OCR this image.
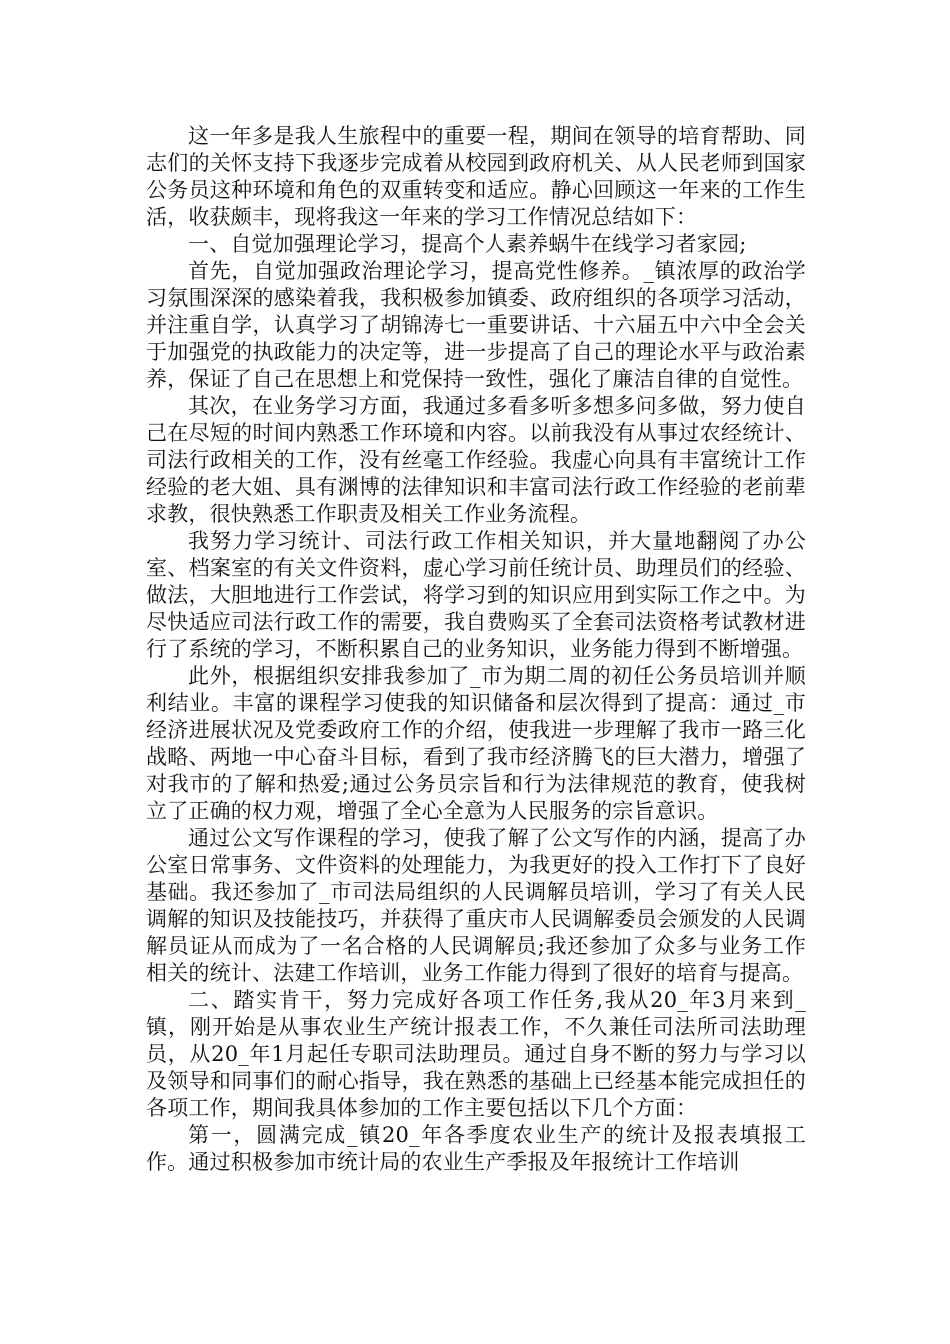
这一年多是我人生旅程中的重要一程，期间在领导的培育帮助、同志们的关怀支持下我逐步完成着从校园到政府机关、从人民老师到国家公务员这种环境和角色的双重转变和适应。静心回顾这一年来的工作生活，收获颇丰，现将我这一年来的学习工作情况总结如下：

一、自觉加强理论学习，提高个人素养蜗牛在线学习者家园;

首先，自觉加强政治理论学习，提高党性修养。_镇浓厚的政治学习氛围深深的感染着我，我积极参加镇委、政府组织的各项学习活动，并注重自学，认真学习了胡锦涛七一重要讲话、十六届五中六中全会关于加强党的执政能力的决定等，进一步提高了自己的理论水平与政治素养，保证了自己在思想上和党保持一致性，强化了廉洁自律的自觉性。

其次，在业务学习方面，我通过多看多听多想多问多做，努力使自己在尽短的时间内熟悉工作环境和内容。以前我没有从事过农经统计、司法行政相关的工作，没有丝毫工作经验。我虚心向具有丰富统计工作经验的老大姐、具有渊博的法律知识和丰富司法行政工作经验的老前辈求教，很快熟悉工作职责及相关工作业务流程。

我努力学习统计、司法行政工作相关知识，并大量地翻阅了办公室、档案室的有关文件资料，虚心学习前任统计员、助理员们的经验、做法，大胆地进行工作尝试，将学习到的知识应用到实际工作之中。为尽快适应司法行政工作的需要，我自费购买了全套司法资格考试教材进行了系统的学习，不断积累自己的业务知识，业务能力得到不断增强。

此外，根据组织安排我参加了_市为期二周的初任公务员培训并顺利结业。丰富的课程学习使我的知识储备和层次得到了提高：通过_市经济进展状况及党委政府工作的介绍，使我进一步理解了我市一路三化战略、两地一中心奋斗目标，看到了我市经济腾飞的巨大潜力，增强了对我市的了解和热爱;通过公务员宗旨和行为法律规范的教育，使我树立了正确的权力观，增强了全心全意为人民服务的宗旨意识。

通过公文写作课程的学习，使我了解了公文写作的内涵，提高了办公室日常事务、文件资料的处理能力，为我更好的投入工作打下了良好基础。我还参加了_市司法局组织的人民调解员培训，学习了有关人民调解的知识及技能技巧，并获得了重庆市人民调解委员会颁发的人民调解员证从而成为了一名合格的人民调解员;我还参加了众多与业务工作相关的统计、法建工作培训，业务工作能力得到了很好的培育与提高。

二、踏实肯干，努力完成好各项工作任务,我从20_年3月来到_镇，刚开始是从事农业生产统计报表工作，不久兼任司法所司法助理员，从20_年1月起任专职司法助理员。通过自身不断的努力与学习以及领导和同事们的耐心指导，我在熟悉的基础上已经基本能完成担任的各项工作，期间我具体参加的工作主要包括以下几个方面：

第一，圆满完成_镇20_年各季度农业生产的统计及报表填报工作。通过积极参加市统计局的农业生产季报及年报统计工作培训
